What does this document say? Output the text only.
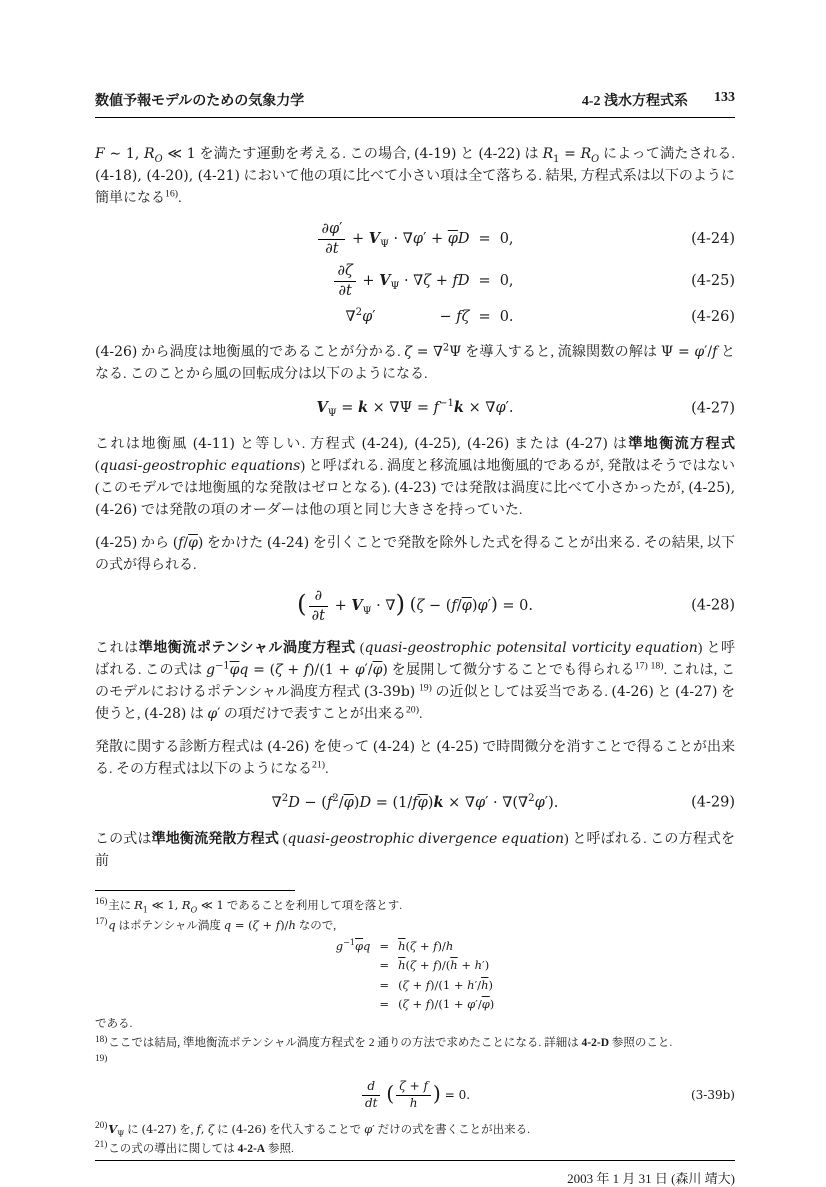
数値予報モデルのための気象力学	4-2 浅水方程式系 133

F ∼ 1, $R_O$ ≪ 1 を満たす運動を考える. この場合, (4-19) と (4-22) は $R_1 = R_O$ によって満たされる. (4-18), (4-20), (4-21) において他の項に比べて小さい項は全て落ちる. 結果, 方程式系は以下のように簡単になる$^{16)}$.

$\frac{\partial\varphi'}{\partial t} + V_\Psi \cdot \nabla\varphi' + \overline{\varphi}D = 0$,	(4-24)
$\frac{\partial\zeta}{\partial t} + V_\Psi \cdot \nabla\zeta$ + fD = 0,	(4-25)
∇$^2$φ′	− fζ = 0.	(4-26)

(4-26) から渦度は地衡風的であることが分かる. ζ = ∇$^2$Ψ を導入すると, 流線関数の解は Ψ = φ′/f となる. このことから風の回転成分は以下のようになる.

$V_\Psi = k \times \nabla\Psi = f^{-1}k \times \nabla\varphi'$.	(4-27)

これは地衡風 (4-11) と等しい. 方程式 (4-24), (4-25), (4-26) または (4-27) は準地衡流方程式 (quasi-geostrophic equations) と呼ばれる. 渦度と移流風は地衡風的であるが, 発散はそうではない (このモデルでは地衡風的な発散はゼロとなる). (4-23) では発散は渦度に比べて小さかったが, (4-25), (4-26) では発散の項のオーダーは他の項と同じ大きさを持っていた.

(4-25) から $(f/\overline{\varphi})$ をかけた (4-24) を引くことで発散を除外した式を得ることが出来る. その結果, 以下の式が得られる.

( $\frac{\partial}{\partial t} + V_\Psi$ · ∇) $(\zeta - (f/\overline{\varphi})\varphi') = 0$.	(4-28)

これは準地衡流ポテンシャル渦度方程式 (quasi-geostrophic potensital vorticity equation) と呼ばれる. この式は $g^{-1}\overline{\varphi}q = (\zeta + f)/(1 + \varphi'/\overline{\varphi})$ を展開して微分することでも得られる$^{17) 18)}$. これは, このモデルにおけるポテンシャル渦度方程式 (3-39b) $^{19)}$ の近似としては妥当である. (4-26) と (4-27) を使うと, (4-28) は φ′ の項だけで表すことが出来る$^{20)}$.

発散に関する診断方程式は (4-26) を使って (4-24) と (4-25) で時間微分を消すことで得ることが出来る. その方程式は以下のようになる$^{21)}$.

$\nabla^2D - (f^2/\overline{\varphi})D = (1/f\overline{\varphi})k \times \nabla\varphi' \cdot \nabla(\nabla^2\varphi')$.	(4-29)

この式は準地衡流発散方程式 (quasi-geostrophic divergence equation) と呼ばれる. この方程式を前

$^{16)}$主に $R_1$ ≪ 1, $R_O$ ≪ 1 であることを利用して項を落とす.
$^{17)}$q はポテンシャル渦度 q = (ζ + f)/h なので,
$g^{-1}\overline{\varphi}q = \overline{h}(\zeta + f)/h$
= $\overline{h}(\zeta + f)/(\overline{h} + h')$
= $(\zeta + f)/(1 + h'/\overline{h})$
= $(\zeta + f)/(1 + \varphi'/\overline{\varphi})$
である.
$^{18)}$ここでは結局, 準地衡流ポテンシャル渦度方程式を 2 通りの方法で求めたことになる. 詳細は 4-2-D 参照のこと.
$^{19)}$
$\frac{d}{dt}$ ( $\frac{\zeta + f}{h}$ ) = 0.	(3-39b)
$^{20)}V_\Psi$ に (4-27) を, f, ζ に (4-26) を代入することで φ′ だけの式を書くことが出来る.
$^{21)}$この式の導出に関しては 4-2-A 参照.
2003 年 1 月 31 日 (森川 靖大)
